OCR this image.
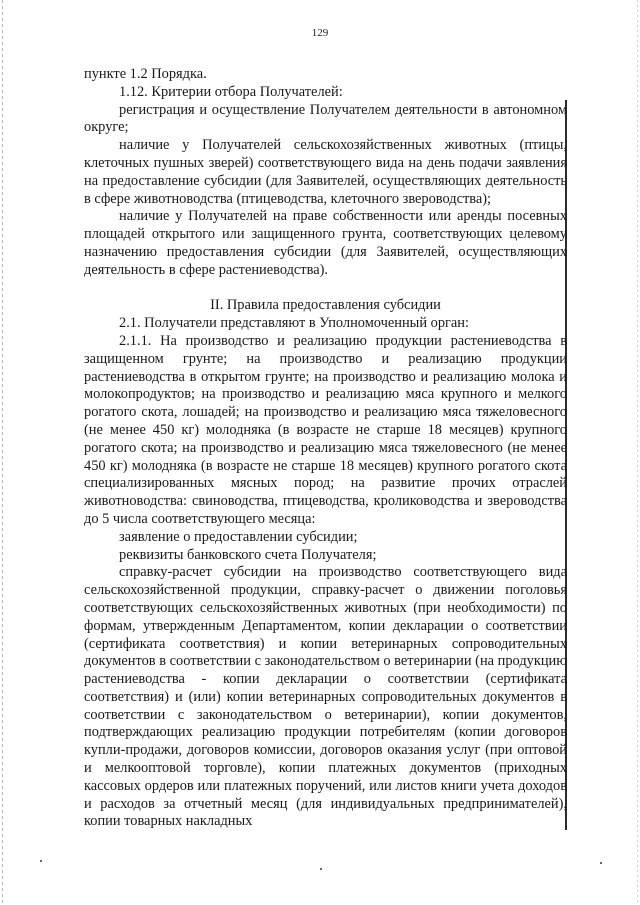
129

пункте 1.2 Порядка.

1.12. Критерии отбора Получателей:

регистрация и осуществление Получателем деятельности в автономном округе;

наличие у Получателей сельскохозяйственных животных (птицы, клеточных пушных зверей) соответствующего вида на день подачи заявления на предоставление субсидии (для Заявителей, осуществляющих деятельность в сфере животноводства (птицеводства, клеточного звероводства);

наличие у Получателей на праве собственности или аренды посевных площадей открытого или защищенного грунта, соответствующих целевому назначению предоставления субсидии (для Заявителей, осуществляющих деятельность в сфере растениеводства).

II. Правила предоставления субсидии

2.1. Получатели представляют в Уполномоченный орган:

2.1.1. На производство и реализацию продукции растениеводства в защищенном грунте; на производство и реализацию продукции растениеводства в открытом грунте; на производство и реализацию молока и молокопродуктов; на производство и реализацию мяса крупного и мелкого рогатого скота, лошадей; на производство и реализацию мяса тяжеловесного (не менее 450 кг) молодняка (в возрасте не старше 18 месяцев) крупного рогатого скота; на производство и реализацию мяса тяжеловесного (не менее 450 кг) молодняка (в возрасте не старше 18 месяцев) крупного рогатого скота специализированных мясных пород; на развитие прочих отраслей животноводства: свиноводства, птицеводства, кролиководства и звероводства до 5 числа соответствующего месяца:

заявление о предоставлении субсидии;

реквизиты банковского счета Получателя;

справку-расчет субсидии на производство соответствующего вида сельскохозяйственной продукции, справку-расчет о движении поголовья соответствующих сельскохозяйственных животных (при необходимости) по формам, утвержденным Департаментом, копии декларации о соответствии (сертификата соответствия) и копии ветеринарных сопроводительных документов в соответствии с законодательством о ветеринарии (на продукцию растениеводства - копии декларации о соответствии (сертификата соответствия) и (или) копии ветеринарных сопроводительных документов в соответствии с законодательством о ветеринарии), копии документов, подтверждающих реализацию продукции потребителям (копии договоров купли-продажи, договоров комиссии, договоров оказания услуг (при оптовой и мелкооптовой торговле), копии платежных документов (приходных кассовых ордеров или платежных поручений, или листов книги учета доходов и расходов за отчетный месяц (для индивидуальных предпринимателей), копии товарных накладных
